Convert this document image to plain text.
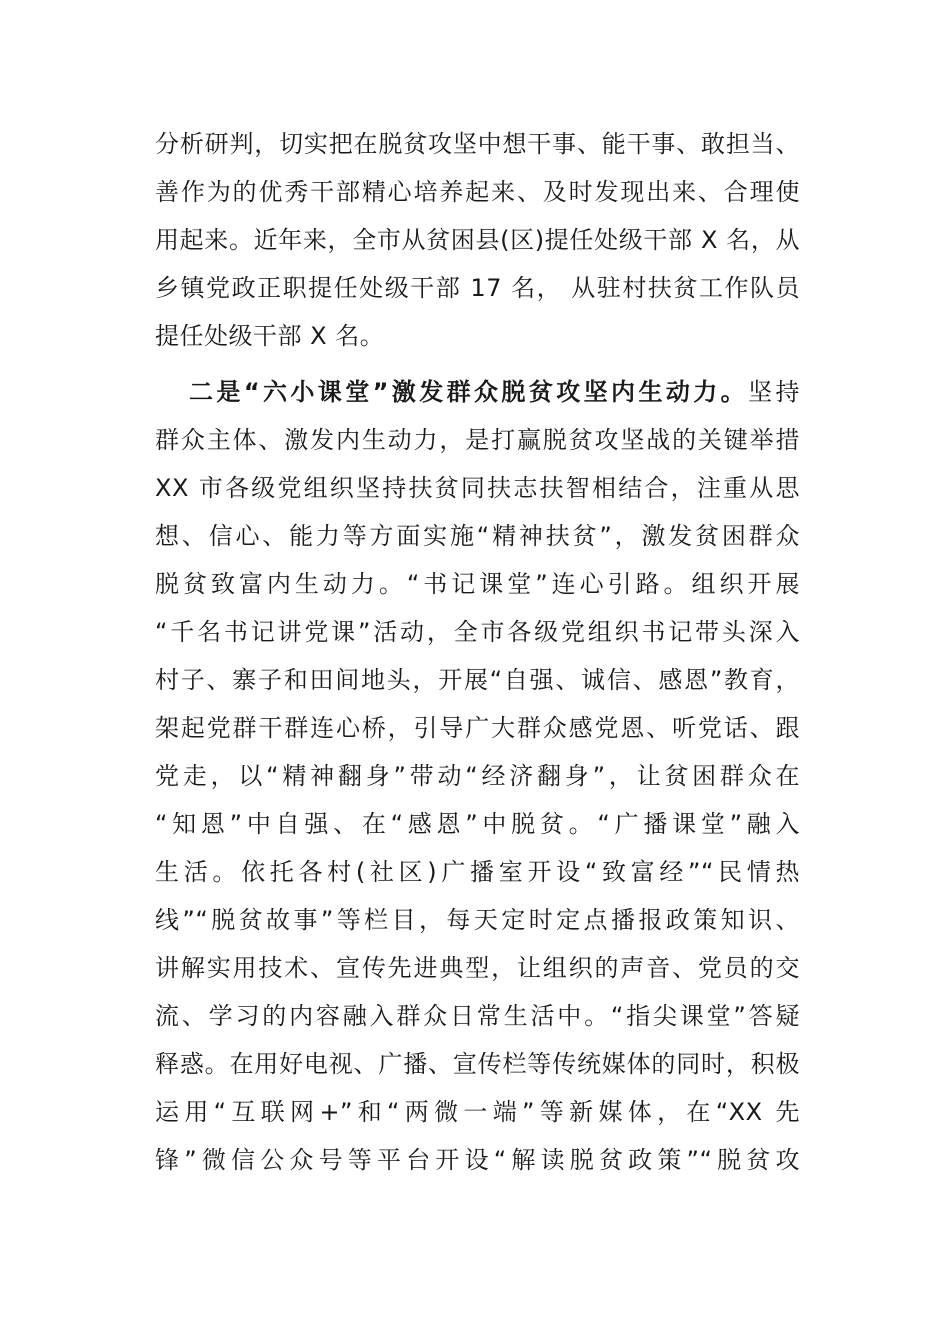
分析研判，切实把在脱贫攻坚中想干事、能干事、敢担当、
善作为的优秀干部精心培养起来、及时发现出来、合理使
用起来。近年来，全市从贫困县(区)提任处级干部 X 名，从
乡镇党政正职提任处级干部 17 名， 从驻村扶贫工作队员
提任处级干部 X 名。
二是“六小课堂”激发群众脱贫攻坚内生动力。坚持
群众主体、激发内生动力，是打赢脱贫攻坚战的关键举措
XX 市各级党组织坚持扶贫同扶志扶智相结合，注重从思
想、信心、能力等方面实施“精神扶贫”，激发贫困群众
脱贫致富内生动力。“书记课堂”连心引路。组织开展
“千名书记讲党课”活动，全市各级党组织书记带头深入
村子、寨子和田间地头，开展“自强、诚信、感恩”教育，
架起党群干群连心桥，引导广大群众感党恩、听党话、跟
党走，以“精神翻身”带动“经济翻身”，让贫困群众在
“知恩”中自强、在“感恩”中脱贫。“广播课堂”融入
生活。依托各村(社区)广播室开设“致富经”“民情热
线”“脱贫故事”等栏目，每天定时定点播报政策知识、
讲解实用技术、宣传先进典型，让组织的声音、党员的交
流、学习的内容融入群众日常生活中。“指尖课堂”答疑
释惑。在用好电视、广播、宣传栏等传统媒体的同时，积极
运用“互联网+”和“两微一端”等新媒体，在“XX 先
锋”微信公众号等平台开设“解读脱贫政策”“脱贫攻
